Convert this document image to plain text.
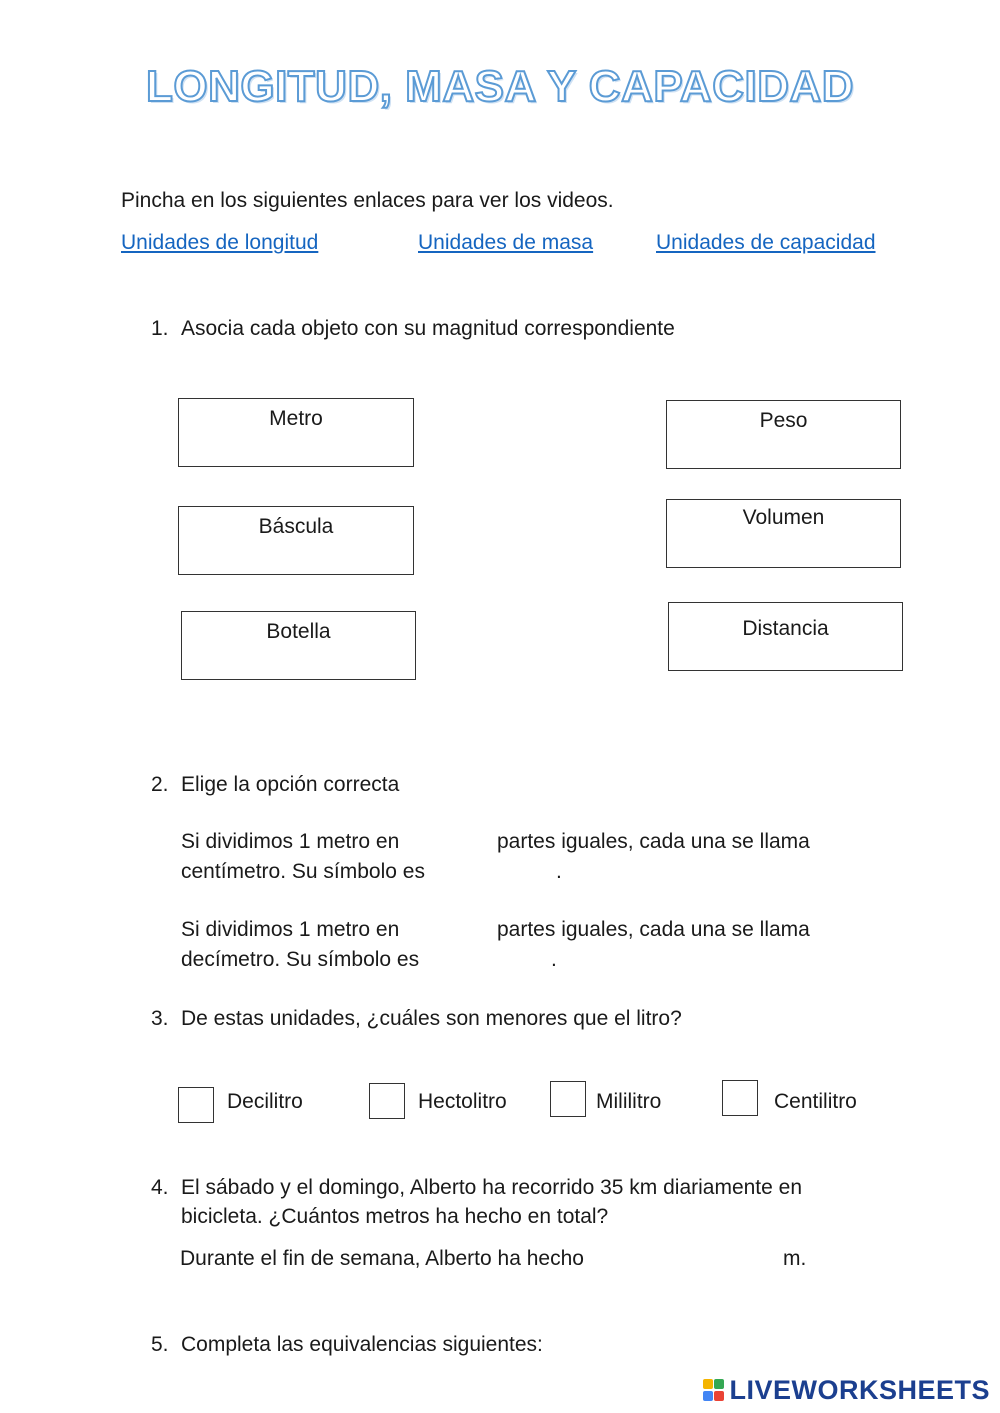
LONGITUD, MASA Y CAPACIDAD
Pincha en los siguientes enlaces para ver los videos.
Unidades de longitud	Unidades de masa	Unidades de capacidad
1. Asocia cada objeto con su magnitud correspondiente
Metro
Báscula
Botella
Peso
Volumen
Distancia
2. Elige la opción correcta
Si dividimos 1 metro en	partes iguales, cada una se llama
centímetro. Su símbolo es	.
Si dividimos 1 metro en	partes iguales, cada una se llama
decímetro. Su símbolo es	.
3. De estas unidades, ¿cuáles son menores que el litro?
Decilitro	Hectolitro	Mililitro	Centilitro
4. El sábado y el domingo, Alberto ha recorrido 35 km diariamente en
bicicleta. ¿Cuántos metros ha hecho en total?
Durante el fin de semana, Alberto ha hecho	m.
5. Completa las equivalencias siguientes:
LIVEWORKSHEETS
